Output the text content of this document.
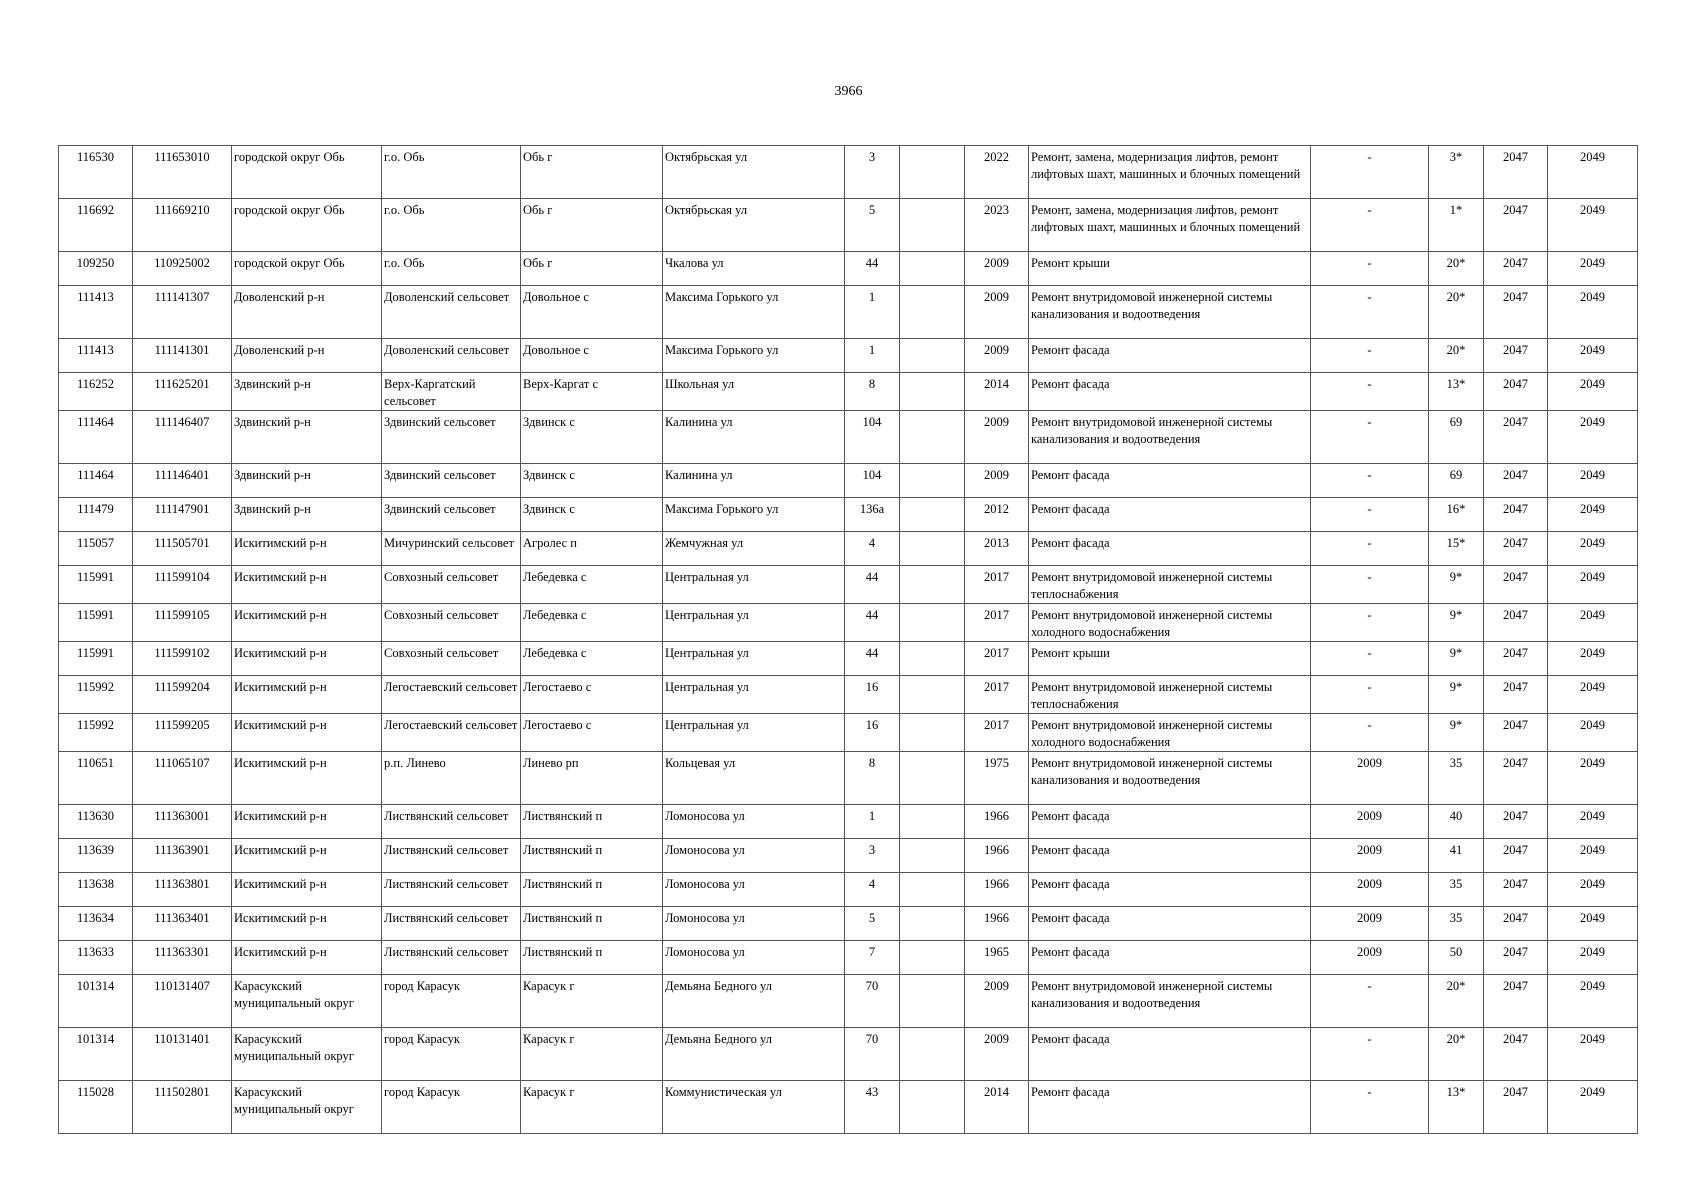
3966
116530	111653010	городской округ Обь	г.о. Обь	Обь г	Октябрьская ул	3		2022	Ремонт, замена, модернизация лифтов, ремонт лифтовых шахт, машинных и блочных помещений	-	3*	2047	2049
116692	111669210	городской округ Обь	г.о. Обь	Обь г	Октябрьская ул	5		2023	Ремонт, замена, модернизация лифтов, ремонт лифтовых шахт, машинных и блочных помещений	-	1*	2047	2049
109250	110925002	городской округ Обь	г.о. Обь	Обь г	Чкалова ул	44		2009	Ремонт крыши	-	20*	2047	2049
111413	111141307	Доволенский р-н	Доволенский сельсовет	Довольное с	Максима Горького ул	1		2009	Ремонт внутридомовой инженерной системы канализования и водоотведения	-	20*	2047	2049
111413	111141301	Доволенский р-н	Доволенский сельсовет	Довольное с	Максима Горького ул	1		2009	Ремонт фасада	-	20*	2047	2049
116252	111625201	Здвинский р-н	Верх-Каргатский сельсовет	Верх-Каргат с	Школьная ул	8		2014	Ремонт фасада	-	13*	2047	2049
111464	111146407	Здвинский р-н	Здвинский сельсовет	Здвинск с	Калинина ул	104		2009	Ремонт внутридомовой инженерной системы канализования и водоотведения	-	69	2047	2049
111464	111146401	Здвинский р-н	Здвинский сельсовет	Здвинск с	Калинина ул	104		2009	Ремонт фасада	-	69	2047	2049
111479	111147901	Здвинский р-н	Здвинский сельсовет	Здвинск с	Максима Горького ул	136а		2012	Ремонт фасада	-	16*	2047	2049
115057	111505701	Искитимский р-н	Мичуринский сельсовет	Агролес п	Жемчужная ул	4		2013	Ремонт фасада	-	15*	2047	2049
115991	111599104	Искитимский р-н	Совхозный сельсовет	Лебедевка с	Центральная ул	44		2017	Ремонт внутридомовой инженерной системы теплоснабжения	-	9*	2047	2049
115991	111599105	Искитимский р-н	Совхозный сельсовет	Лебедевка с	Центральная ул	44		2017	Ремонт внутридомовой инженерной системы холодного водоснабжения	-	9*	2047	2049
115991	111599102	Искитимский р-н	Совхозный сельсовет	Лебедевка с	Центральная ул	44		2017	Ремонт крыши	-	9*	2047	2049
115992	111599204	Искитимский р-н	Легостаевский сельсовет	Легостаево с	Центральная ул	16		2017	Ремонт внутридомовой инженерной системы теплоснабжения	-	9*	2047	2049
115992	111599205	Искитимский р-н	Легостаевский сельсовет	Легостаево с	Центральная ул	16		2017	Ремонт внутридомовой инженерной системы холодного водоснабжения	-	9*	2047	2049
110651	111065107	Искитимский р-н	р.п. Линево	Линево рп	Кольцевая ул	8		1975	Ремонт внутридомовой инженерной системы канализования и водоотведения	2009	35	2047	2049
113630	111363001	Искитимский р-н	Листвянский сельсовет	Листвянский п	Ломоносова ул	1		1966	Ремонт фасада	2009	40	2047	2049
113639	111363901	Искитимский р-н	Листвянский сельсовет	Листвянский п	Ломоносова ул	3		1966	Ремонт фасада	2009	41	2047	2049
113638	111363801	Искитимский р-н	Листвянский сельсовет	Листвянский п	Ломоносова ул	4		1966	Ремонт фасада	2009	35	2047	2049
113634	111363401	Искитимский р-н	Листвянский сельсовет	Листвянский п	Ломоносова ул	5		1966	Ремонт фасада	2009	35	2047	2049
113633	111363301	Искитимский р-н	Листвянский сельсовет	Листвянский п	Ломоносова ул	7		1965	Ремонт фасада	2009	50	2047	2049
101314	110131407	Карасукский муниципальный округ	город Карасук	Карасук г	Демьяна Бедного ул	70		2009	Ремонт внутридомовой инженерной системы канализования и водоотведения	-	20*	2047	2049
101314	110131401	Карасукский муниципальный округ	город Карасук	Карасук г	Демьяна Бедного ул	70		2009	Ремонт фасада	-	20*	2047	2049
115028	111502801	Карасукский муниципальный округ	город Карасук	Карасук г	Коммунистическая ул	43		2014	Ремонт фасада	-	13*	2047	2049
